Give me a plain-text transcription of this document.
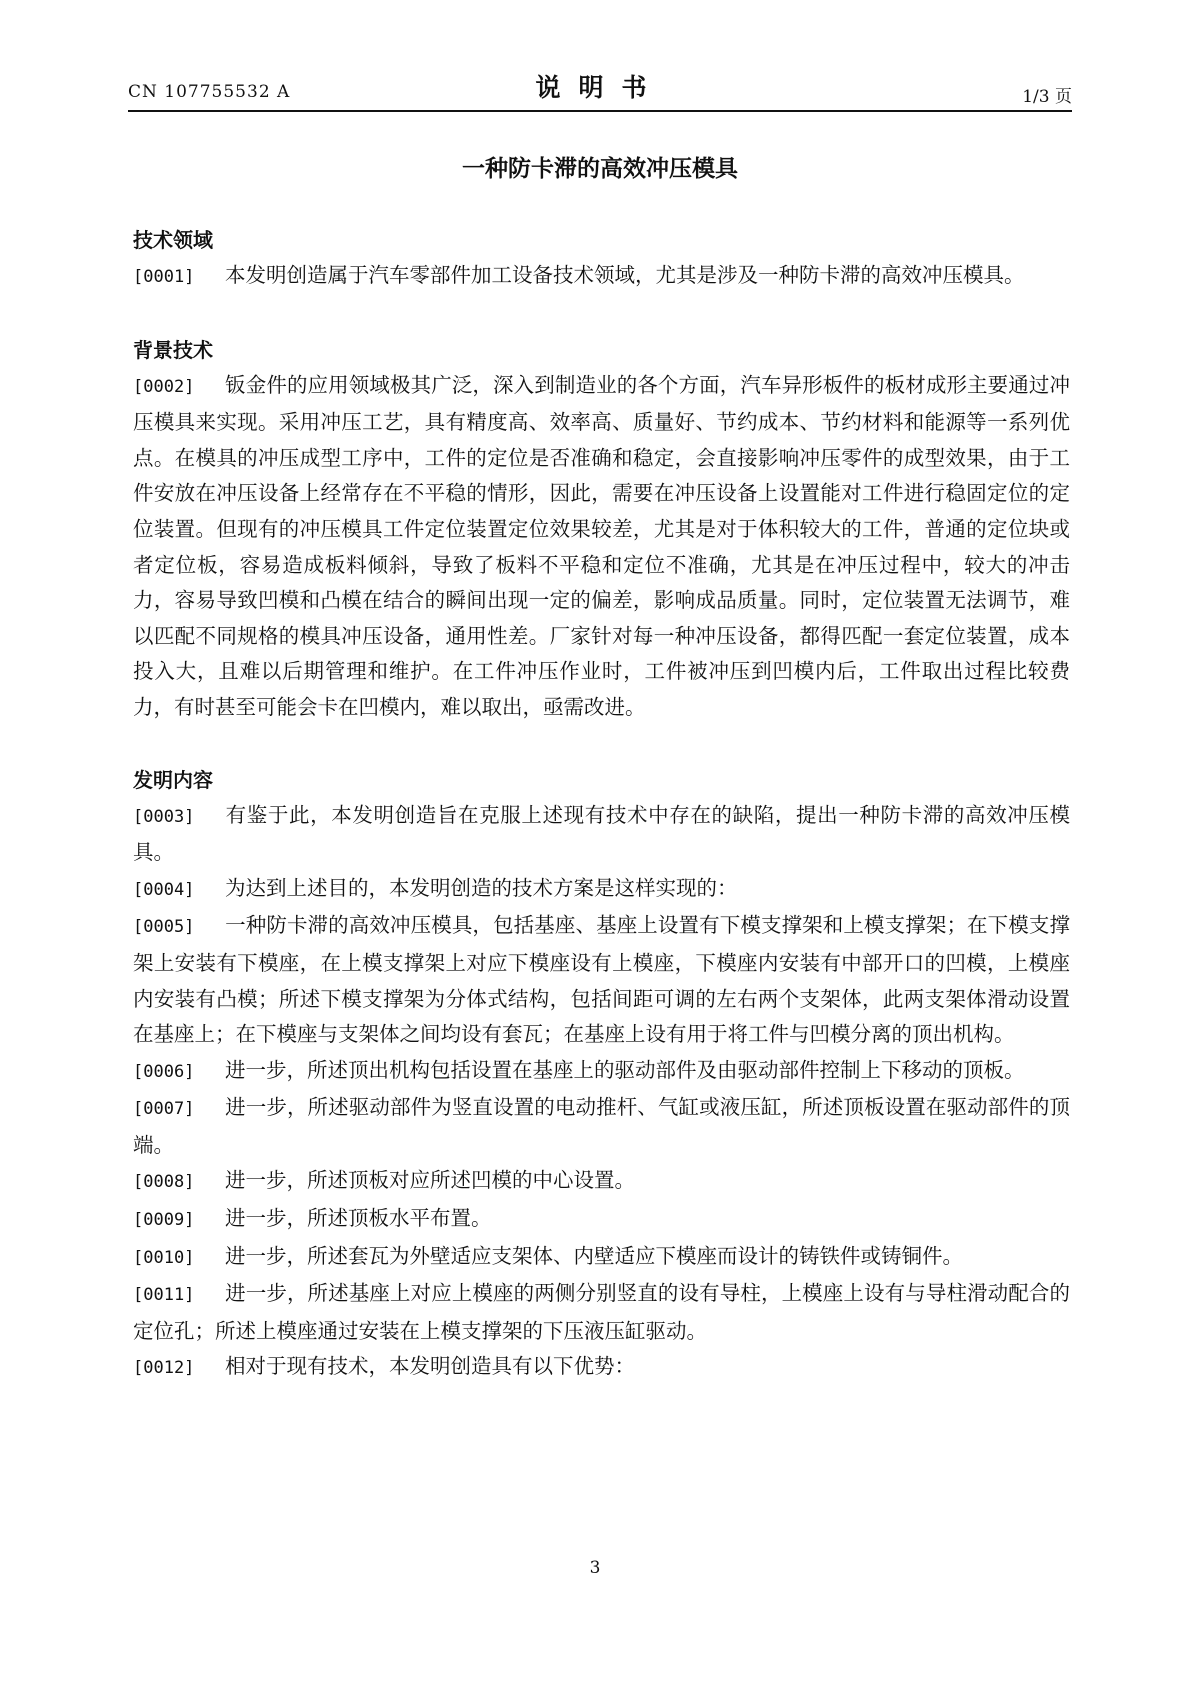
CN 107755532 A	说明书	1/3 页
一种防卡滞的高效冲压模具
技术领域

[0001] 本发明创造属于汽车零部件加工设备技术领域，尤其是涉及一种防卡滞的高效冲压模具。

背景技术

[0002] 钣金件的应用领域极其广泛，深入到制造业的各个方面，汽车异形板件的板材成形主要通过冲压模具来实现。采用冲压工艺，具有精度高、效率高、质量好、节约成本、节约材料和能源等一系列优点。在模具的冲压成型工序中，工件的定位是否准确和稳定，会直接影响冲压零件的成型效果，由于工件安放在冲压设备上经常存在不平稳的情形，因此，需要在冲压设备上设置能对工件进行稳固定位的定位装置。但现有的冲压模具工件定位装置定位效果较差，尤其是对于体积较大的工件，普通的定位块或者定位板，容易造成板料倾斜，导致了板料不平稳和定位不准确，尤其是在冲压过程中，较大的冲击力，容易导致凹模和凸模在结合的瞬间出现一定的偏差，影响成品质量。同时，定位装置无法调节，难以匹配不同规格的模具冲压设备，通用性差。厂家针对每一种冲压设备，都得匹配一套定位装置，成本投入大，且难以后期管理和维护。在工件冲压作业时，工件被冲压到凹模内后，工件取出过程比较费力，有时甚至可能会卡在凹模内，难以取出，亟需改进。

发明内容

[0003] 有鉴于此，本发明创造旨在克服上述现有技术中存在的缺陷，提出一种防卡滞的高效冲压模具。

[0004] 为达到上述目的，本发明创造的技术方案是这样实现的：

[0005] 一种防卡滞的高效冲压模具，包括基座、基座上设置有下模支撑架和上模支撑架；在下模支撑架上安装有下模座，在上模支撑架上对应下模座设有上模座，下模座内安装有中部开口的凹模，上模座内安装有凸模；所述下模支撑架为分体式结构，包括间距可调的左右两个支架体，此两支架体滑动设置在基座上；在下模座与支架体之间均设有套瓦；在基座上设有用于将工件与凹模分离的顶出机构。

[0006] 进一步，所述顶出机构包括设置在基座上的驱动部件及由驱动部件控制上下移动的顶板。

[0007] 进一步，所述驱动部件为竖直设置的电动推杆、气缸或液压缸，所述顶板设置在驱动部件的顶端。

[0008] 进一步，所述顶板对应所述凹模的中心设置。

[0009] 进一步，所述顶板水平布置。

[0010] 进一步，所述套瓦为外壁适应支架体、内壁适应下模座而设计的铸铁件或铸铜件。

[0011] 进一步，所述基座上对应上模座的两侧分别竖直的设有导柱，上模座上设有与导柱滑动配合的定位孔；所述上模座通过安装在上模支撑架的下压液压缸驱动。

[0012] 相对于现有技术，本发明创造具有以下优势：

3
